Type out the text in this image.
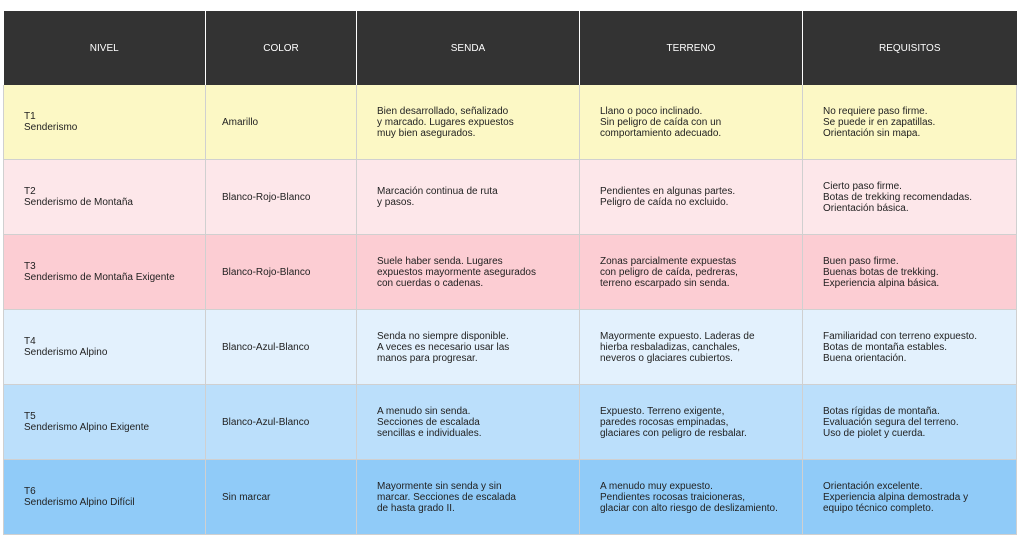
NIVEL	COLOR	SENDA	TERRENO	REQUISITOS
T1
Senderismo	Amarillo	Bien desarrollado, señalizado
y marcado. Lugares expuestos
muy bien asegurados.	Llano o poco inclinado.
Sin peligro de caída con un
comportamiento adecuado.	No requiere paso firme.
Se puede ir en zapatillas.
Orientación sin mapa.
T2
Senderismo de Montaña	Blanco-Rojo-Blanco	Marcación continua de ruta
y pasos.	Pendientes en algunas partes.
Peligro de caída no excluido.	Cierto paso firme.
Botas de trekking recomendadas.
Orientación básica.
T3
Senderismo de Montaña Exigente	Blanco-Rojo-Blanco	Suele haber senda. Lugares
expuestos mayormente asegurados
con cuerdas o cadenas.	Zonas parcialmente expuestas
con peligro de caída, pedreras,
terreno escarpado sin senda.	Buen paso firme.
Buenas botas de trekking.
Experiencia alpina básica.
T4
Senderismo Alpino	Blanco-Azul-Blanco	Senda no siempre disponible.
A veces es necesario usar las
manos para progresar.	Mayormente expuesto. Laderas de
hierba resbaladizas, canchales,
neveros o glaciares cubiertos.	Familiaridad con terreno expuesto.
Botas de montaña estables.
Buena orientación.
T5
Senderismo Alpino Exigente	Blanco-Azul-Blanco	A menudo sin senda.
Secciones de escalada
sencillas e individuales.	Expuesto. Terreno exigente,
paredes rocosas empinadas,
glaciares con peligro de resbalar.	Botas rígidas de montaña.
Evaluación segura del terreno.
Uso de piolet y cuerda.
T6
Senderismo Alpino Difícil	Sin marcar	Mayormente sin senda y sin
marcar. Secciones de escalada
de hasta grado II.	A menudo muy expuesto.
Pendientes rocosas traicioneras,
glaciar con alto riesgo de deslizamiento.	Orientación excelente.
Experiencia alpina demostrada y
equipo técnico completo.
